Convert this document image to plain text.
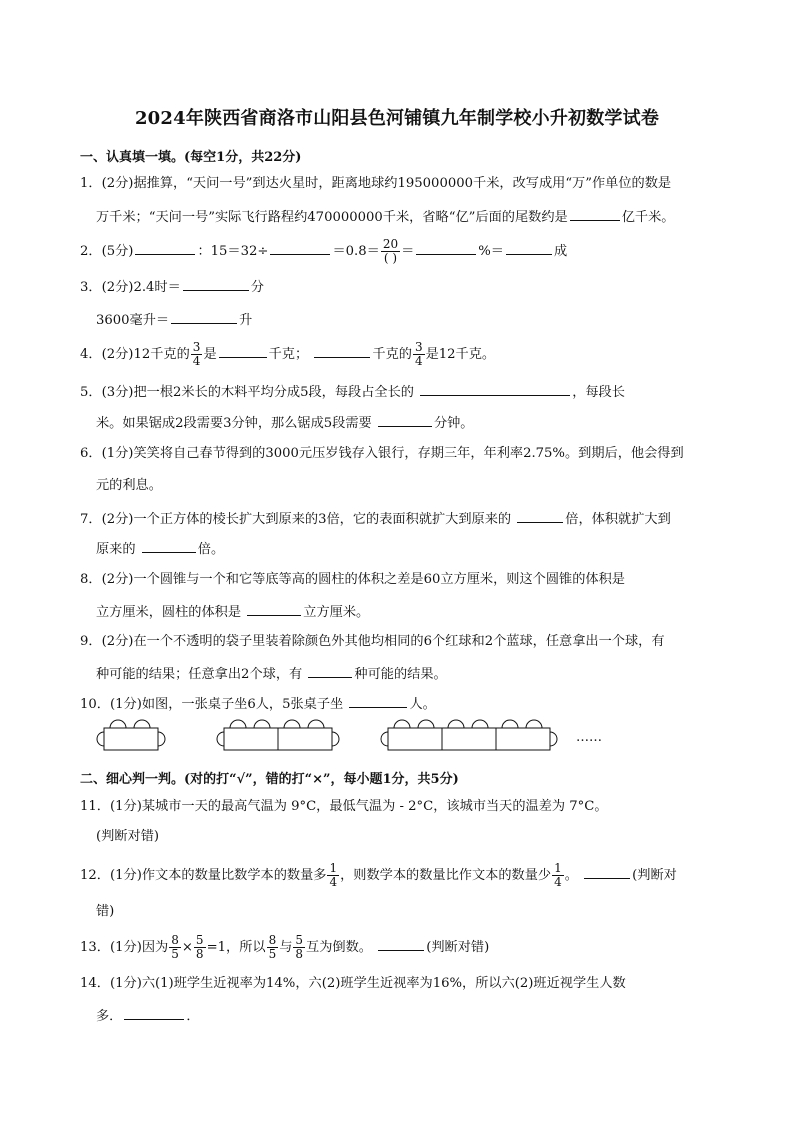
2024年陕西省商洛市山阳县色河铺镇九年制学校小升初数学试卷
一、认真填一填。(每空1分，共22分)
1．(2分)据推算，“天问一号”到达火星时，距离地球约195000000千米，改写成用“万”作单位的数是
万千米；“天问一号”实际飞行路程约470000000千米，省略“亿”后面的尾数约是	亿千米。
2．(5分)	：15＝32÷	$=0.8= \frac{20}{( )}$ ＝	%＝	成
3．(2分)2.4时＝	分
3600毫升＝	升
4．(2分)12千克的 $\frac{3}{4}$ 是	千克；	千克的 $\frac{3}{4}$ 是12千克。
5．(3分)把一根2米长的木料平均分成5段，每段占全长的	，每段长
米。如果锯成2段需要3分钟，那么锯成5段需要	分钟。
6．(1分)笑笑将自己春节得到的3000元压岁钱存入银行，存期三年，年利率2.75%。到期后，他会得到
元的利息。
7．(2分)一个正方体的棱长扩大到原来的3倍，它的表面积就扩大到原来的	倍，体积就扩大到
原来的	倍。
8．(2分)一个圆锥与一个和它等底等高的圆柱的体积之差是60立方厘米，则这个圆锥的体积是
立方厘米，圆柱的体积是	立方厘米。
9．(2分)在一个不透明的袋子里装着除颜色外其他均相同的6个红球和2个蓝球，任意拿出一个球，有
种可能的结果；任意拿出2个球，有	种可能的结果。
10．(1分)如图，一张桌子坐6人，5张桌子坐	人。
……
二、细心判一判。(对的打“√”，错的打“×”，每小题1分，共5分)
11．(1分)某城市一天的最高气温为 9°C，最低气温为 - 2°C，该城市当天的温差为 7°C。
(判断对错)
12．(1分)作文本的数量比数学本的数量多 $\frac{1}{4}$ ，则数学本的数量比作文本的数量少 $\frac{1}{4}$ 。	(判断对
错)
13．(1分)因为 $\frac{8}{5} \times \frac{5}{8} =1$，所以 $\frac{8}{5}$ 与 $\frac{5}{8}$ 互为倒数。	(判断对错)
14．(1分)六(1)班学生近视率为14%，六(2)班学生近视率为16%，所以六(2)班近视学生人数
多．	．
